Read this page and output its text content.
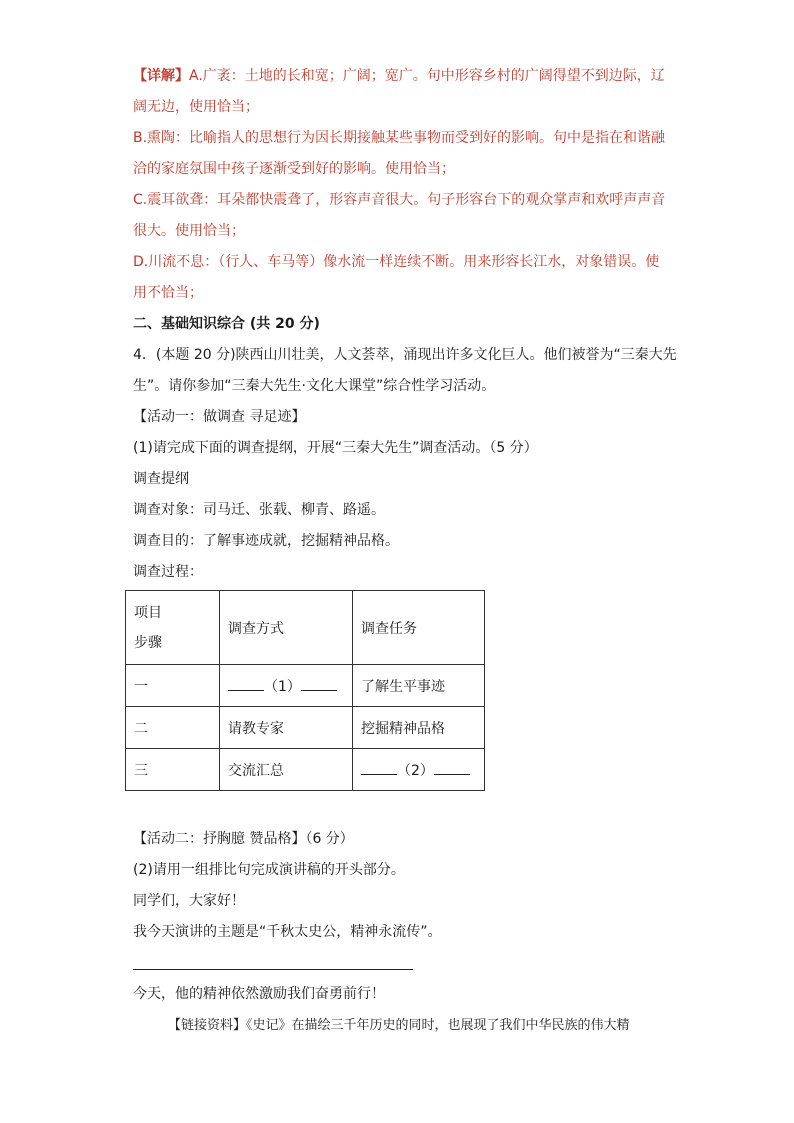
【详解】A.广袤：土地的长和宽；广阔；宽广。句中形容乡村的广阔得望不到边际，辽
阔无边，使用恰当；
B.熏陶：比喻指人的思想行为因长期接触某些事物而受到好的影响。句中是指在和谐融
洽的家庭氛围中孩子逐渐受到好的影响。使用恰当；
C.震耳欲聋：耳朵都快震聋了，形容声音很大。句子形容台下的观众掌声和欢呼声声音
很大。使用恰当；
D.川流不息：（行人、车马等）像水流一样连续不断。用来形容长江水，对象错误。使
用不恰当；
二、基础知识综合 (共 20 分)
4．(本题 20 分)陕西山川壮美，人文荟萃，涌现出许多文化巨人。他们被誉为“三秦大先
生”。请你参加“三秦大先生·文化大课堂”综合性学习活动。
【活动一：做调查 寻足迹】
(1)请完成下面的调查提纲，开展“三秦大先生”调查活动。（5 分）
调查提纲
调查对象：司马迁、张载、柳青、路遥。
调查目的：了解事迹成就，挖掘精神品格。
调查过程：
项目
步骤	调查方式	调查任务
一	（1）	了解生平事迹
二	请教专家	挖掘精神品格
三	交流汇总	（2）
【活动二：抒胸臆 赞品格】（6 分）
(2)请用一组排比句完成演讲稿的开头部分。
同学们，大家好！
我今天演讲的主题是“千秋太史公，精神永流传”。
今天，他的精神依然激励我们奋勇前行！
【链接资料】《史记》在描绘三千年历史的同时，也展现了我们中华民族的伟大精
